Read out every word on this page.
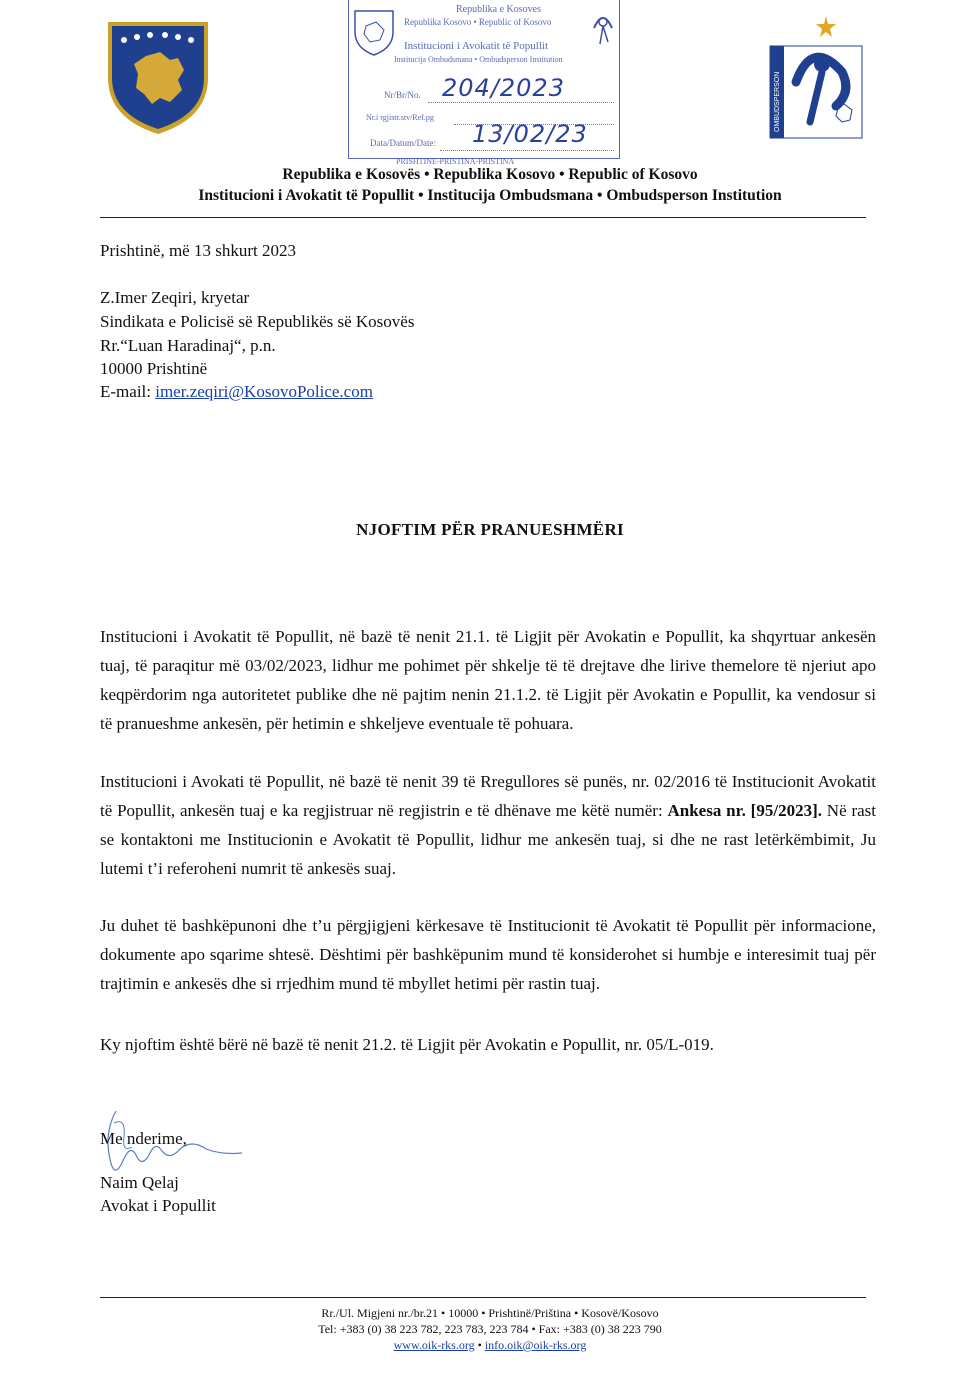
Republika e Kosoves
Republika Kosovo • Republic of Kosovo
Institucioni i Avokatit të Popullit
Institucija Ombudsmana • Ombudsperson Institution
Nr/Br/No. 204/2023
Nr.i rgjistr.stv/Ref.pg
Data/Datum/Date: 13/02/23
PRISHTINE-PRISTINA-PRISTINA
OMBUDSPERSON
Republika e Kosovës • Republika Kosovo • Republic of Kosovo
Institucioni i Avokatit të Popullit • Institucija Ombudsmana • Ombudsperson Institution
Prishtinë, më 13 shkurt 2023
Z.Imer Zeqiri, kryetar
Sindikata e Policisë së Republikës së Kosovës
Rr.“Luan Haradinaj“, p.n.
10000 Prishtinë
E-mail: imer.zeqiri@KosovoPolice.com
NJOFTIM PËR PRANUESHMËRI
Institucioni i Avokatit të Popullit, në bazë të nenit 21.1. të Ligjit për Avokatin e Popullit, ka shqyrtuar ankesën tuaj, të paraqitur më 03/02/2023, lidhur me pohimet për shkelje të të drejtave dhe lirive themelore të njeriut apo keqpërdorim nga autoritetet publike dhe në pajtim nenin 21.1.2. të Ligjit për Avokatin e Popullit, ka vendosur si të pranueshme ankesën, për hetimin e shkeljeve eventuale të pohuara.
Institucioni i Avokati të Popullit, në bazë të nenit 39 të Rregullores së punës, nr. 02/2016 të Institucionit Avokatit të Popullit, ankesën tuaj e ka regjistruar në regjistrin e të dhënave me këtë numër: Ankesa nr. [95/2023]. Në rast se kontaktoni me Institucionin e Avokatit të Popullit, lidhur me ankesën tuaj, si dhe ne rast letërkëmbimit, Ju lutemi t’i referoheni numrit të ankesës suaj.
Ju duhet të bashkëpunoni dhe t’u përgjigjeni kërkesave të Institucionit të Avokatit të Popullit për informacione, dokumente apo sqarime shtesë. Dështimi për bashkëpunim mund të konsiderohet si humbje e interesimit tuaj për trajtimin e ankesës dhe si rrjedhim mund të mbyllet hetimi për rastin tuaj.
Ky njoftim është bërë në bazë të nenit 21.2. të Ligjit për Avokatin e Popullit, nr. 05/L-019.
Me nderime,
Naim Qelaj
Avokat i Popullit
Rr./Ul. Migjeni nr./br.21 • 10000 • Prishtinë/Priština • Kosovë/Kosovo
Tel: +383 (0) 38 223 782, 223 783, 223 784 • Fax: +383 (0) 38 223 790
www.oik-rks.org • info.oik@oik-rks.org
